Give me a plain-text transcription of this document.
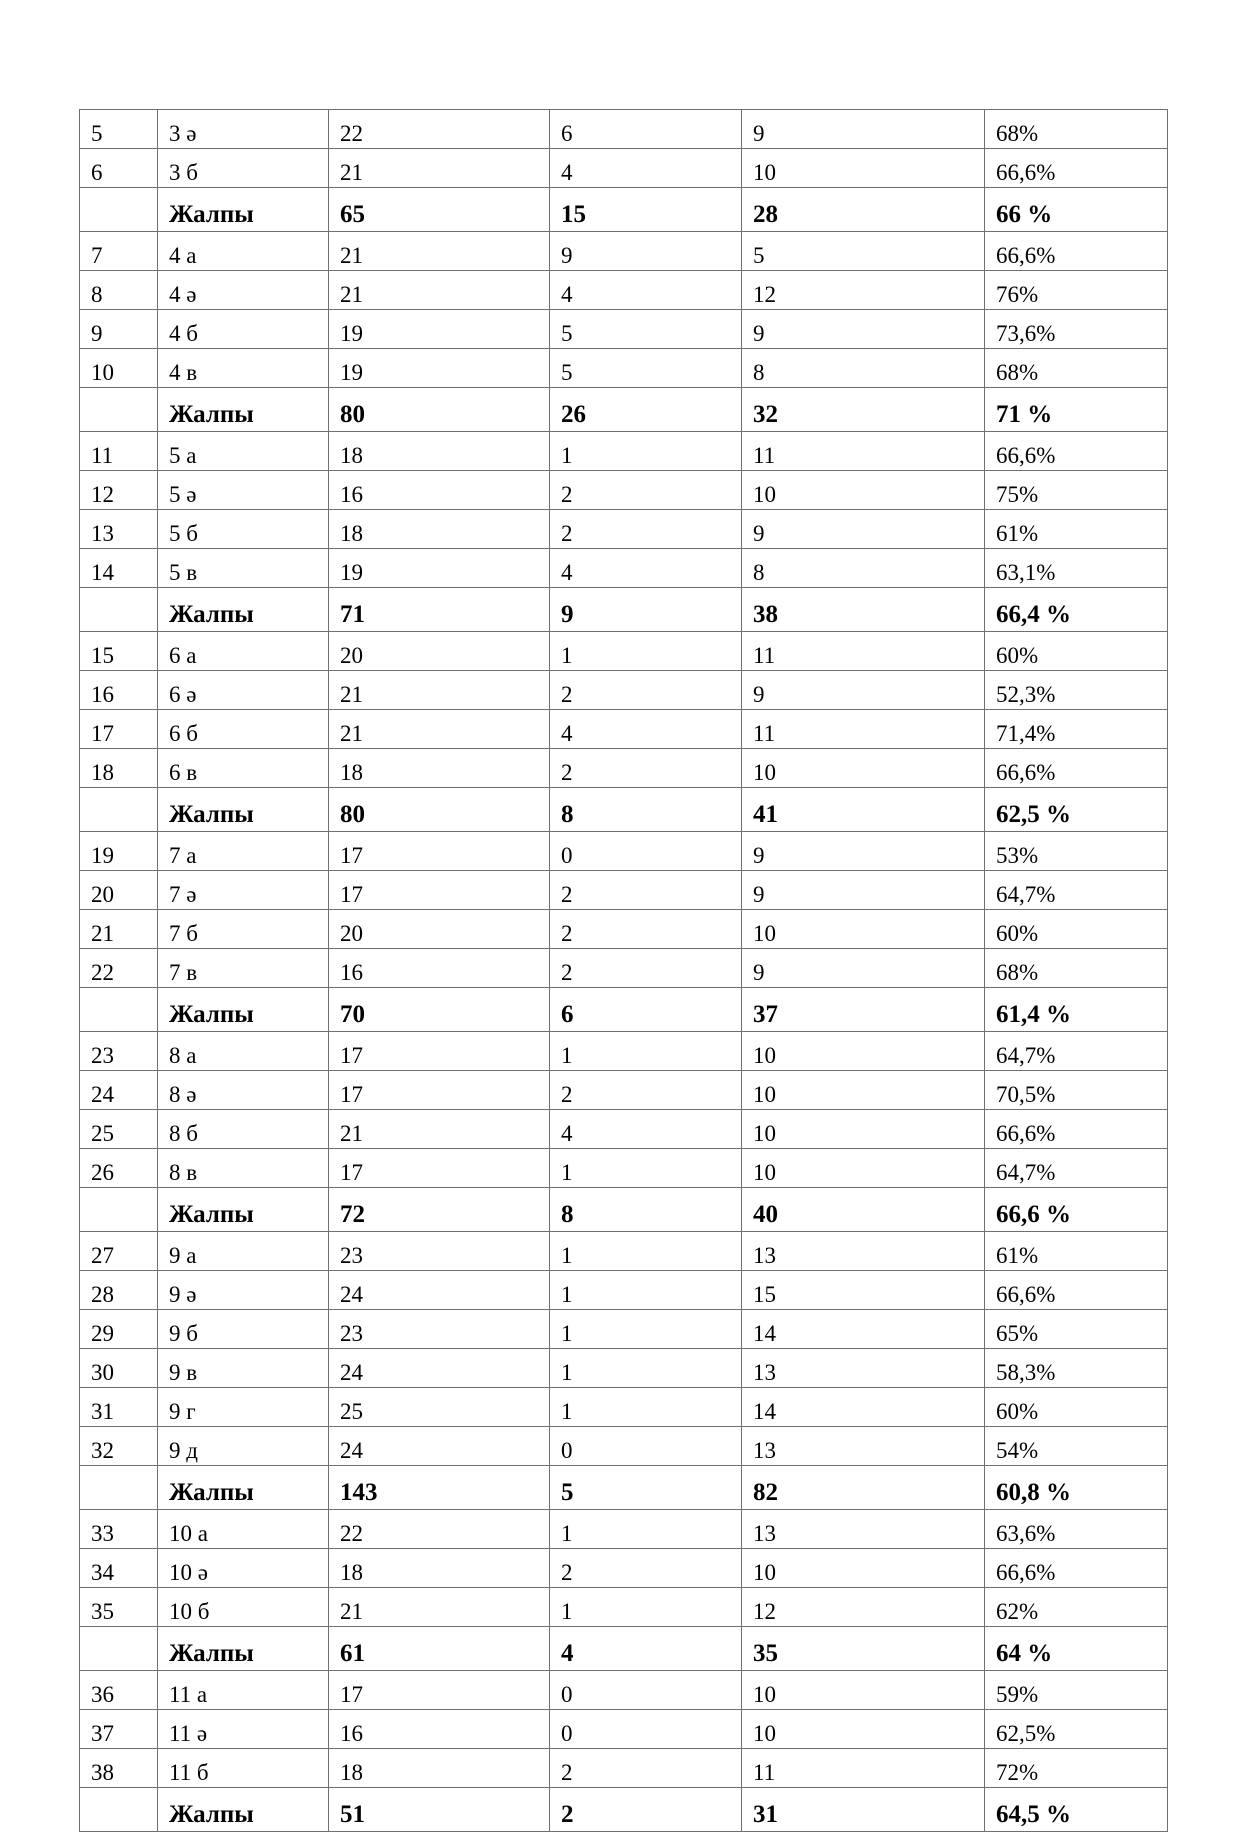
5	3 ә	22	6	9	68%
6	3 б	21	4	10	66,6%
	Жалпы	65	15	28	66 %
7	4 а	21	9	5	66,6%
8	4 ә	21	4	12	76%
9	4 б	19	5	9	73,6%
10	4 в	19	5	8	68%
	Жалпы	80	26	32	71 %
11	5 а	18	1	11	66,6%
12	5 ә	16	2	10	75%
13	5 б	18	2	9	61%
14	5 в	19	4	8	63,1%
	Жалпы	71	9	38	66,4 %
15	6 а	20	1	11	60%
16	6 ә	21	2	9	52,3%
17	6 б	21	4	11	71,4%
18	6 в	18	2	10	66,6%
	Жалпы	80	8	41	62,5 %
19	7 а	17	0	9	53%
20	7 ә	17	2	9	64,7%
21	7 б	20	2	10	60%
22	7 в	16	2	9	68%
	Жалпы	70	6	37	61,4 %
23	8 а	17	1	10	64,7%
24	8 ә	17	2	10	70,5%
25	8 б	21	4	10	66,6%
26	8 в	17	1	10	64,7%
	Жалпы	72	8	40	66,6 %
27	9 а	23	1	13	61%
28	9 ә	24	1	15	66,6%
29	9 б	23	1	14	65%
30	9 в	24	1	13	58,3%
31	9 г	25	1	14	60%
32	9 д	24	0	13	54%
	Жалпы	143	5	82	60,8 %
33	10 а	22	1	13	63,6%
34	10 ә	18	2	10	66,6%
35	10 б	21	1	12	62%
	Жалпы	61	4	35	64 %
36	11 а	17	0	10	59%
37	11 ә	16	0	10	62,5%
38	11 б	18	2	11	72%
	Жалпы	51	2	31	64,5 %
